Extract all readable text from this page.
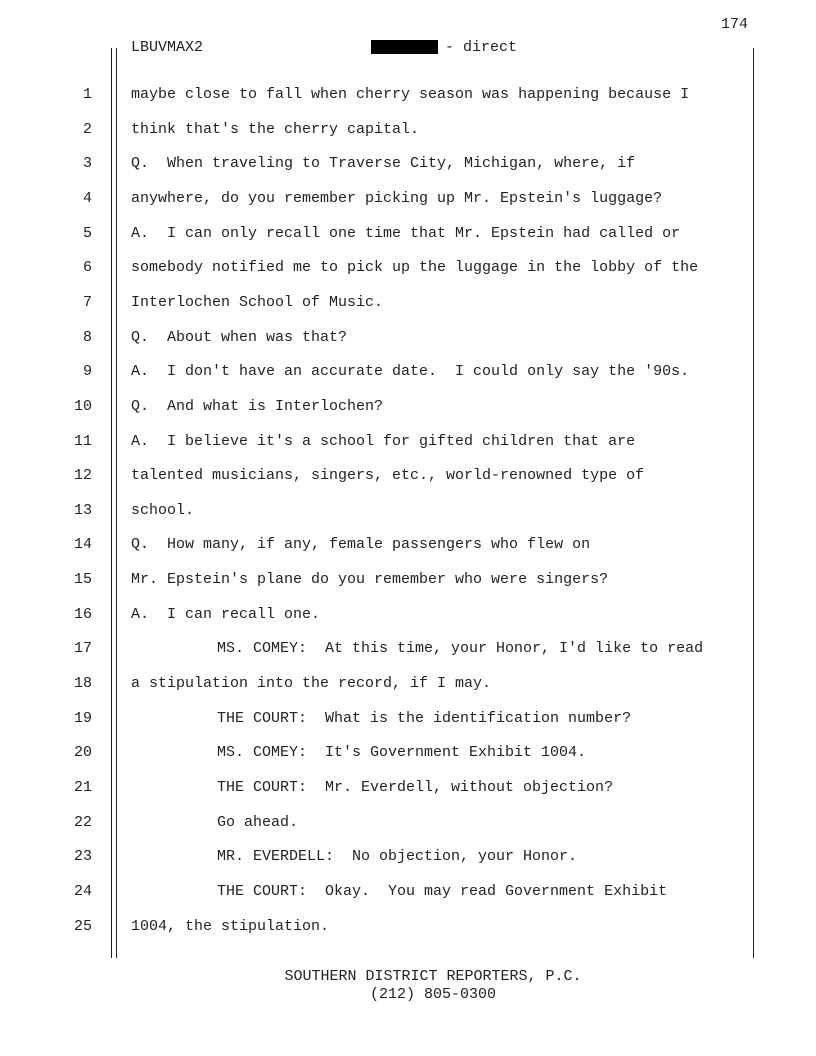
174
LBUVMAX2	- direct
1	maybe close to fall when cherry season was happening because I
2	think that's the cherry capital.
3	Q.  When traveling to Traverse City, Michigan, where, if
4	anywhere, do you remember picking up Mr. Epstein's luggage?
5	A.  I can only recall one time that Mr. Epstein had called or
6	somebody notified me to pick up the luggage in the lobby of the
7	Interlochen School of Music.
8	Q.  About when was that?
9	A.  I don't have an accurate date.  I could only say the '90s.
10	Q.  And what is Interlochen?
11	A.  I believe it's a school for gifted children that are
12	talented musicians, singers, etc., world-renowned type of
13	school.
14	Q.  How many, if any, female passengers who flew on
15	Mr. Epstein's plane do you remember who were singers?
16	A.  I can recall one.
17	MS. COMEY:  At this time, your Honor, I'd like to read
18	a stipulation into the record, if I may.
19	THE COURT:  What is the identification number?
20	MS. COMEY:  It's Government Exhibit 1004.
21	THE COURT:  Mr. Everdell, without objection?
22	Go ahead.
23	MR. EVERDELL:  No objection, your Honor.
24	THE COURT:  Okay.  You may read Government Exhibit
25	1004, the stipulation.
SOUTHERN DISTRICT REPORTERS, P.C.
(212) 805-0300
